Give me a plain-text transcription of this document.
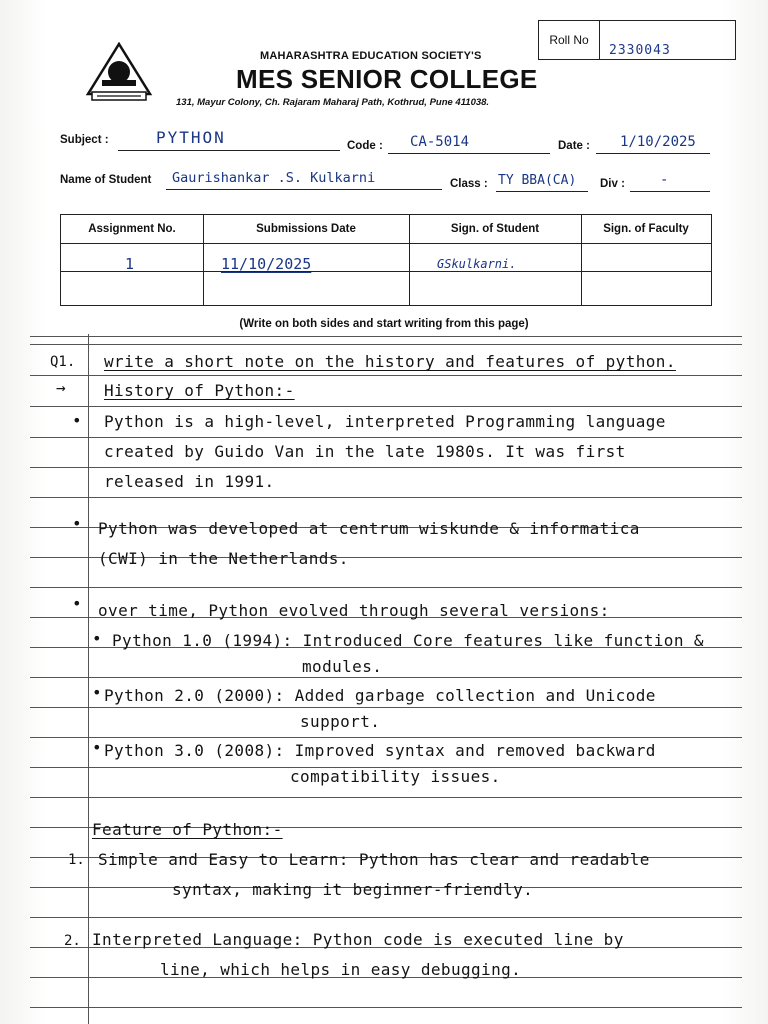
MAHARASHTRA EDUCATION SOCIETY'S
MES SENIOR COLLEGE
131, Mayur Colony, Ch. Rajaram Maharaj Path, Kothrud, Pune 411038.
Roll No
2330043
Subject :	PYTHON	Code : CA-5014	Date : 1/10/2025
Name of Student Gaurishankar .S. Kulkarni	Class : TY BBA(CA) Div :	-
Assignment No.	Submissions Date	Sign. of Student	Sign. of Faculty
1	11/10/2025	GSkulkarni.
(Write on both sides and start writing from this page)
Q1. write a short note on the history and features of python.
→ History of Python:-
• Python is a high-level, interpreted Programming language
created by Guido Van in the late 1980s. It was first
released in 1991.
• Python was developed at centrum wiskunde & informatica
(CWI) in the Netherlands.
• over time, Python evolved through several versions:
• Python 1.0 (1994): Introduced Core features like function &
modules.
• Python 2.0 (2000): Added garbage collection and Unicode
support.
• Python 3.0 (2008): Improved syntax and removed backward
compatibility issues.
Feature of Python:-
1. Simple and Easy to Learn: Python has clear and readable
syntax, making it beginner-friendly.
2. Interpreted Language: Python code is executed line by
line, which helps in easy debugging.
